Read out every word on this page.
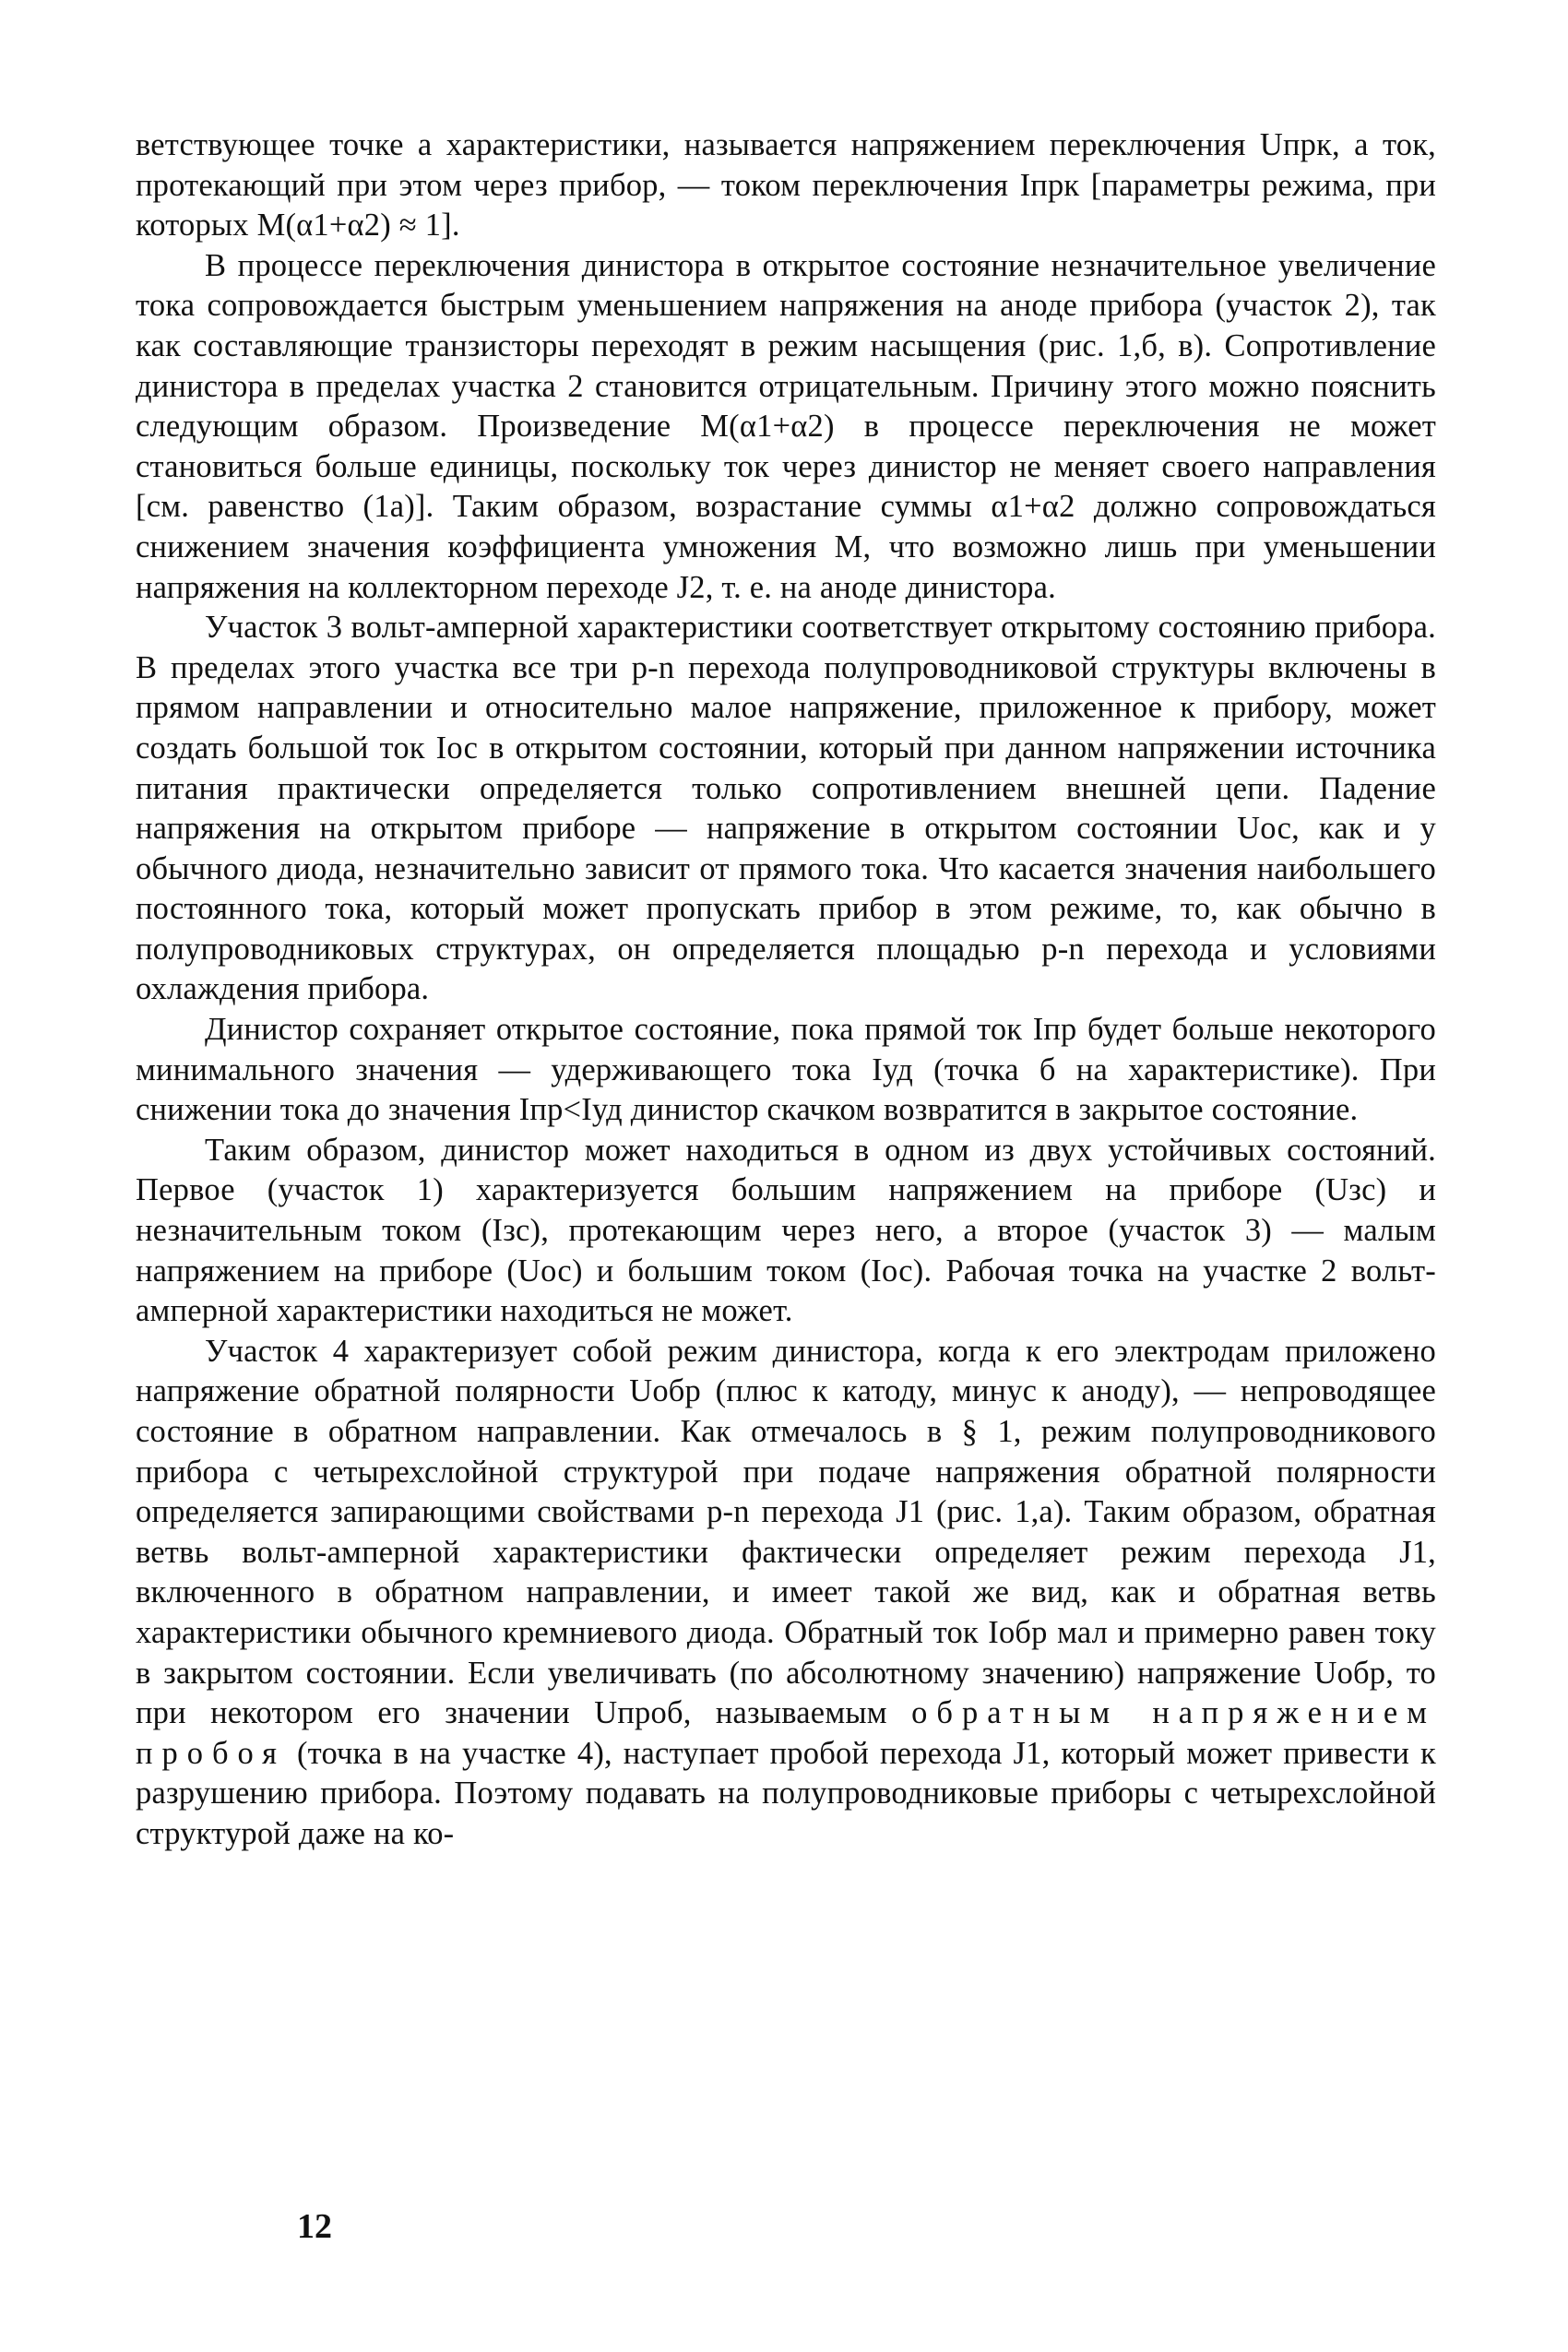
ветствующее точке а характеристики, называется напряжением переключения Uпрк, а ток, протекающий при этом через прибор, — током переключения Iпрк [параметры режима, при которых M(α1+α2) ≈ 1].

В процессе переключения динистора в открытое состояние незначительное увеличение тока сопровождается быстрым уменьшением напряжения на аноде прибора (участок 2), так как составляющие транзисторы переходят в режим насыщения (рис. 1,б, в). Сопротивление динистора в пределах участка 2 становится отрицательным. Причину этого можно пояснить следующим образом. Произведение M(α1+α2) в процессе переключения не может становиться больше единицы, поскольку ток через динистор не меняет своего направления [см. равенство (1а)]. Таким образом, возрастание суммы α1+α2 должно сопровождаться снижением значения коэффициента умножения M, что возможно лишь при уменьшении напряжения на коллекторном переходе J2, т. е. на аноде динистора.

Участок 3 вольт-амперной характеристики соответствует открытому состоянию прибора. В пределах этого участка все три p-n перехода полупроводниковой структуры включены в прямом направлении и относительно малое напряжение, приложенное к прибору, может создать большой ток Iос в открытом состоянии, который при данном напряжении источника питания практически определяется только сопротивлением внешней цепи. Падение напряжения на открытом приборе — напряжение в открытом состоянии Uос, как и у обычного диода, незначительно зависит от прямого тока. Что касается значения наибольшего постоянного тока, который может пропускать прибор в этом режиме, то, как обычно в полупроводниковых структурах, он определяется площадью p-n перехода и условиями охлаждения прибора.

Динистор сохраняет открытое состояние, пока прямой ток Iпр будет больше некоторого минимального значения — удерживающего тока Iуд (точка б на характеристике). При снижении тока до значения Iпр<Iуд динистор скачком возвратится в закрытое состояние.

Таким образом, динистор может находиться в одном из двух устойчивых состояний. Первое (участок 1) характеризуется большим напряжением на приборе (Uзс) и незначительным током (Iзс), протекающим через него, а второе (участок 3) — малым напряжением на приборе (Uос) и большим током (Iос). Рабочая точка на участке 2 вольт-амперной характеристики находиться не может.

Участок 4 характеризует собой режим динистора, когда к его электродам приложено напряжение обратной полярности Uобр (плюс к катоду, минус к аноду), — непроводящее состояние в обратном направлении. Как отмечалось в § 1, режим полупроводникового прибора с четырехслойной структурой при подаче напряжения обратной полярности определяется запирающими свойствами p-n перехода J1 (рис. 1,а). Таким образом, обратная ветвь вольт-амперной характеристики фактически определяет режим перехода J1, включенного в обратном направлении, и имеет такой же вид, как и обратная ветвь характеристики обычного кремниевого диода. Обратный ток Iобр мал и примерно равен току в закрытом состоянии. Если увеличивать (по абсолютному значению) напряжение Uобр, то при некотором его значении Uпроб, называемым обратным напряжением пробоя (точка в на участке 4), наступает пробой перехода J1, который может привести к разрушению прибора. Поэтому подавать на полупроводниковые приборы с четырехслойной структурой даже на ко-

12
